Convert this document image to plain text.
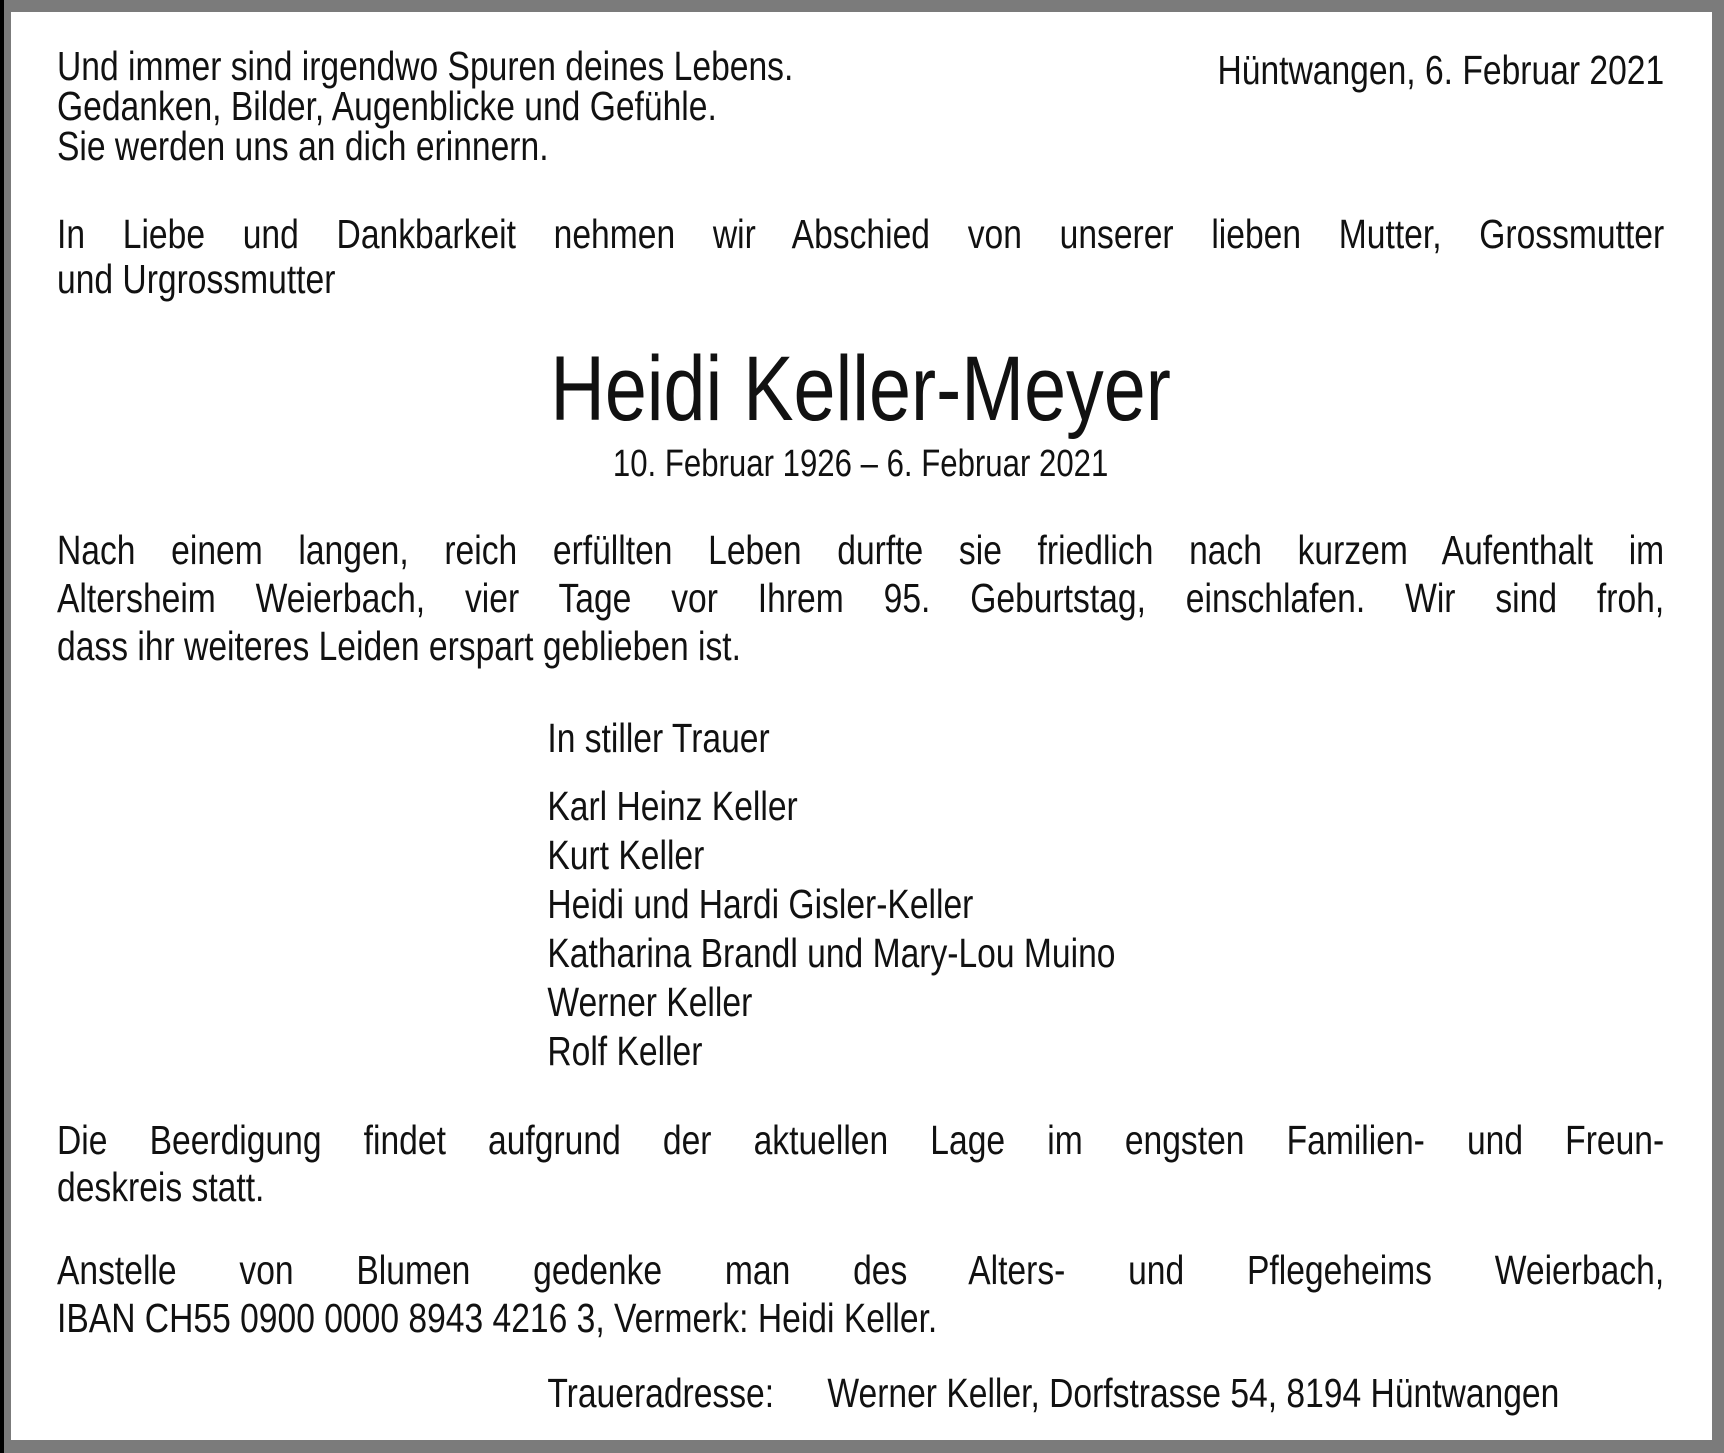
Und immer sind irgendwo Spuren deines Lebens.
Gedanken, Bilder, Augenblicke und Gefühle.
Sie werden uns an dich erinnern.
Hüntwangen, 6. Februar 2021
In Liebe und Dankbarkeit nehmen wir Abschied von unserer lieben Mutter, Grossmutter
und Urgrossmutter
Heidi Keller-Meyer
10. Februar 1926 – 6. Februar 2021
Nach einem langen, reich erfüllten Leben durfte sie friedlich nach kurzem Aufenthalt im
Altersheim Weierbach, vier Tage vor Ihrem 95. Geburtstag, einschlafen. Wir sind froh,
dass ihr weiteres Leiden erspart geblieben ist.
In stiller Trauer
Karl Heinz Keller
Kurt Keller
Heidi und Hardi Gisler-Keller
Katharina Brandl und Mary-Lou Muino
Werner Keller
Rolf Keller
Die Beerdigung findet aufgrund der aktuellen Lage im engsten Familien- und Freun-
deskreis statt.
Anstelle von Blumen gedenke man des Alters- und Pflegeheims Weierbach,
IBAN CH55 0900 0000 8943 4216 3, Vermerk: Heidi Keller.
Traueradresse: Werner Keller, Dorfstrasse 54, 8194 Hüntwangen
